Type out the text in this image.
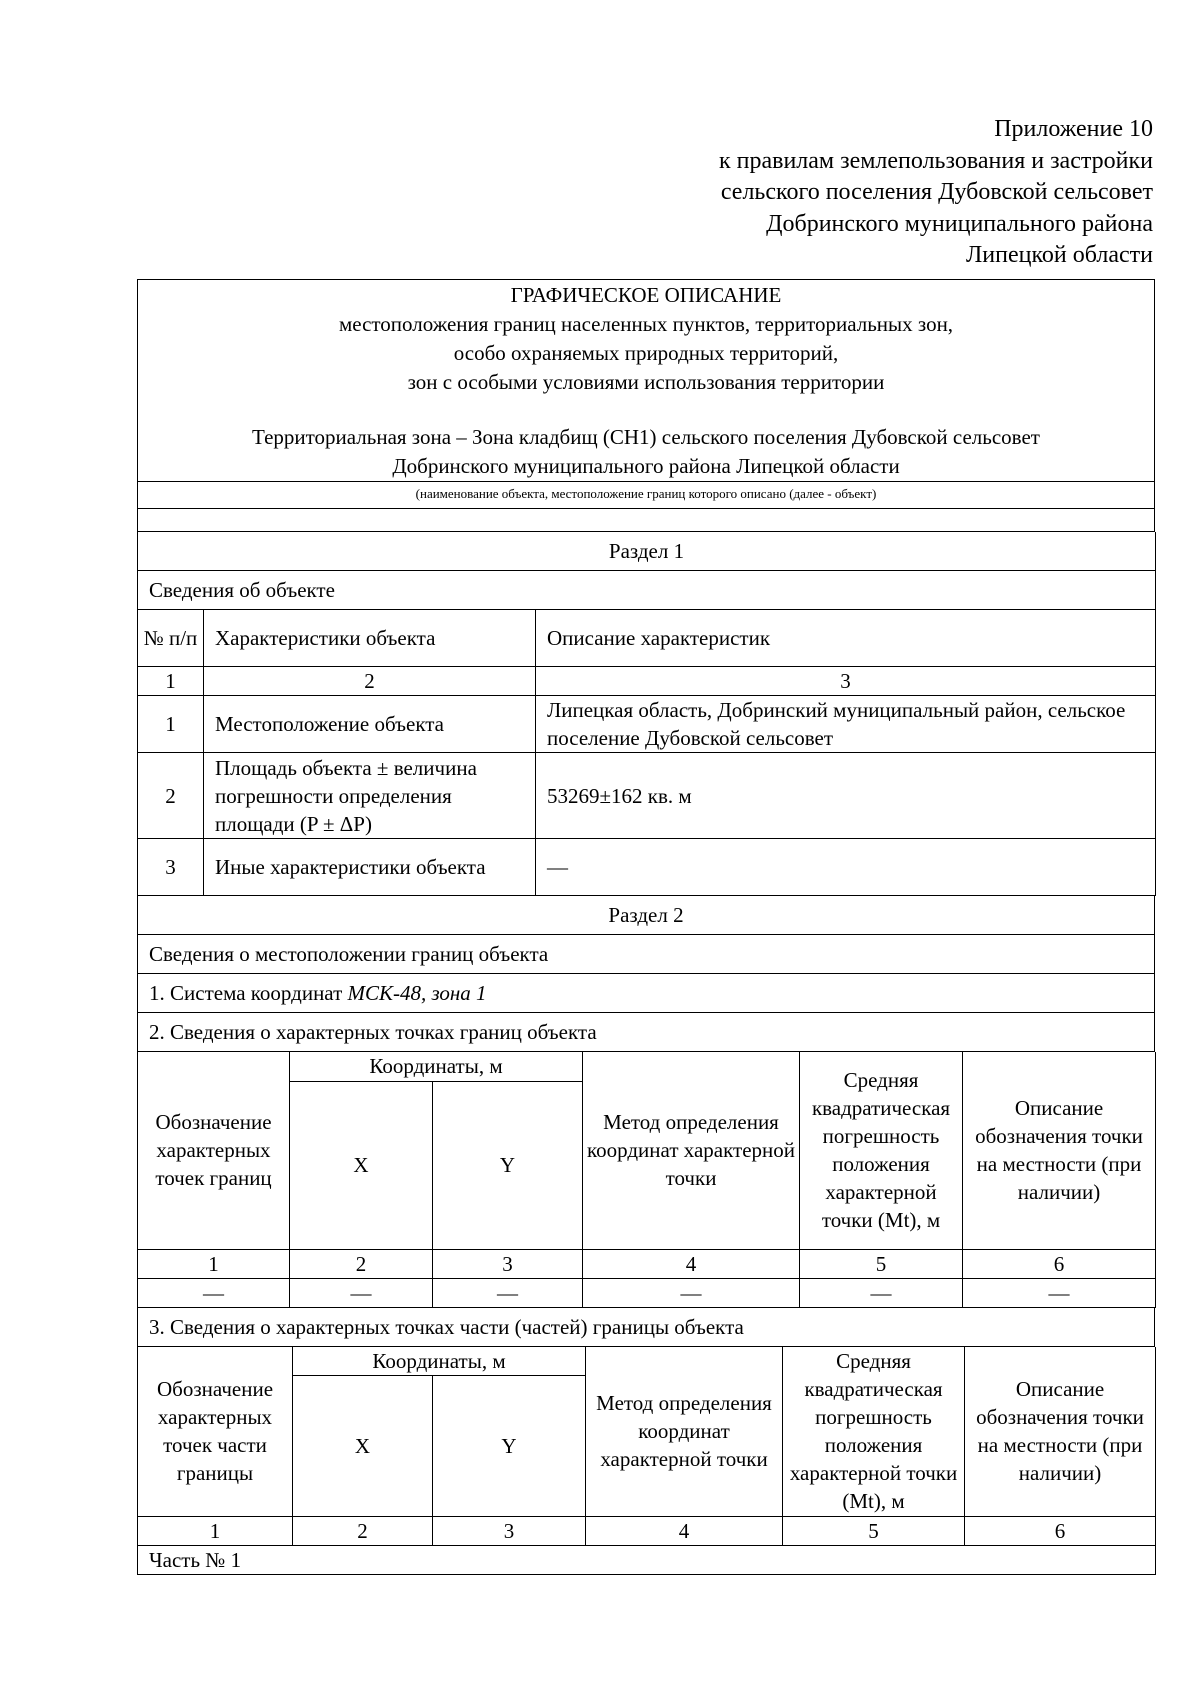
Приложение 10
к правилам землепользования и застройки
сельского поселения Дубовской сельсовет
Добринского муниципального района
Липецкой области
ГРАФИЧЕСКОЕ ОПИСАНИЕ
местоположения границ населенных пунктов, территориальных зон,
особо охраняемых природных территорий,
зон с особыми условиями использования территории
Территориальная зона – Зона кладбищ (СН1) сельского поселения Дубовской сельсовет
Добринского муниципального района Липецкой области

(наименование объекта, местоположение границ которого описано (далее - объект)

Раздел 1		
Сведения об объекте		
№ п/п	Характеристики объекта	Описание характеристик
1	2	3
1	Местоположение объекта	Липецкая область, Добринский муниципальный район, сельское поселение Дубовской сельсовет
2	Площадь объекта ± величина погрешности определения площади (P ± ΔP)	53269±162 кв. м
3	Иные характеристики объекта	—
Раздел 2
Сведения о местоположении границ объекта
1. Система координат МСК-48, зона 1
2. Сведения о характерных точках границ объекта
Обозначение характерных точек границ	Координаты, м		Метод определения координат характерной точки	Средняя квадратическая погрешность положения характерной точки (Mt), м	Описание обозначения точки на местности (при наличии)
	X	Y			
1	2	3	4	5	6
—	—	—	—	—	—
3. Сведения о характерных точках части (частей) границы объекта
Обозначение характерных точек части границы	Координаты, м		Метод определения координат характерной точки	Средняя квадратическая погрешность положения характерной точки (Mt), м	Описание обозначения точки на местности (при наличии)
	X	Y			
1	2	3	4	5	6
Часть № 1					
